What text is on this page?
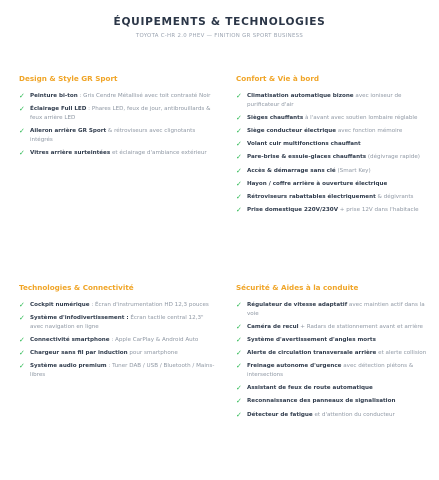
ÉQUIPEMENTS & TECHNOLOGIES
TOYOTA C-HR 2.0 PHEV — FINITION GR SPORT BUSINESS
Design & Style GR Sport
✓ Peinture bi-ton : Gris Cendre Métallisé avec toit contrasté Noir
✓ Éclairage Full LED : Phares LED, feux de jour, antibrouillards & feux arrière LED
✓ Aileron arrière GR Sport & rétroviseurs avec clignotants intégrés
✓ Vitres arrière surteintées et éclairage d'ambiance extérieur
Confort & Vie à bord
✓ Climatisation automatique bizone avec ioniseur de purificateur d'air
✓ Sièges chauffants à l'avant avec soutien lombaire réglable
✓ Siège conducteur électrique avec fonction mémoire
✓ Volant cuir multifonctions chauffant
✓ Pare-brise & essuie-glaces chauffants (dégivrage rapide)
✓ Accès & démarrage sans clé (Smart Key)
✓ Hayon / coffre arrière à ouverture électrique
✓ Rétroviseurs rabattables électriquement & dégivrants
✓ Prise domestique 220V/230V + prise 12V dans l'habitacle
Technologies & Connectivité
✓ Cockpit numérique : Écran d'instrumentation HD 12,3 pouces
✓ Système d'infodivertissement : Écran tactile central 12,3" avec navigation en ligne
✓ Connectivité smartphone : Apple CarPlay & Android Auto
✓ Chargeur sans fil par induction pour smartphone
✓ Système audio premium : Tuner DAB / USB / Bluetooth / Mains-libres
Sécurité & Aides à la conduite
✓ Régulateur de vitesse adaptatif avec maintien actif dans la voie
✓ Caméra de recul + Radars de stationnement avant et arrière
✓ Système d'avertissement d'angles morts
✓ Alerte de circulation transversale arrière et alerte collision
✓ Freinage autonome d'urgence avec détection piétons & intersections
✓ Assistant de feux de route automatique
✓ Reconnaissance des panneaux de signalisation
✓ Détecteur de fatigue et d'attention du conducteur
